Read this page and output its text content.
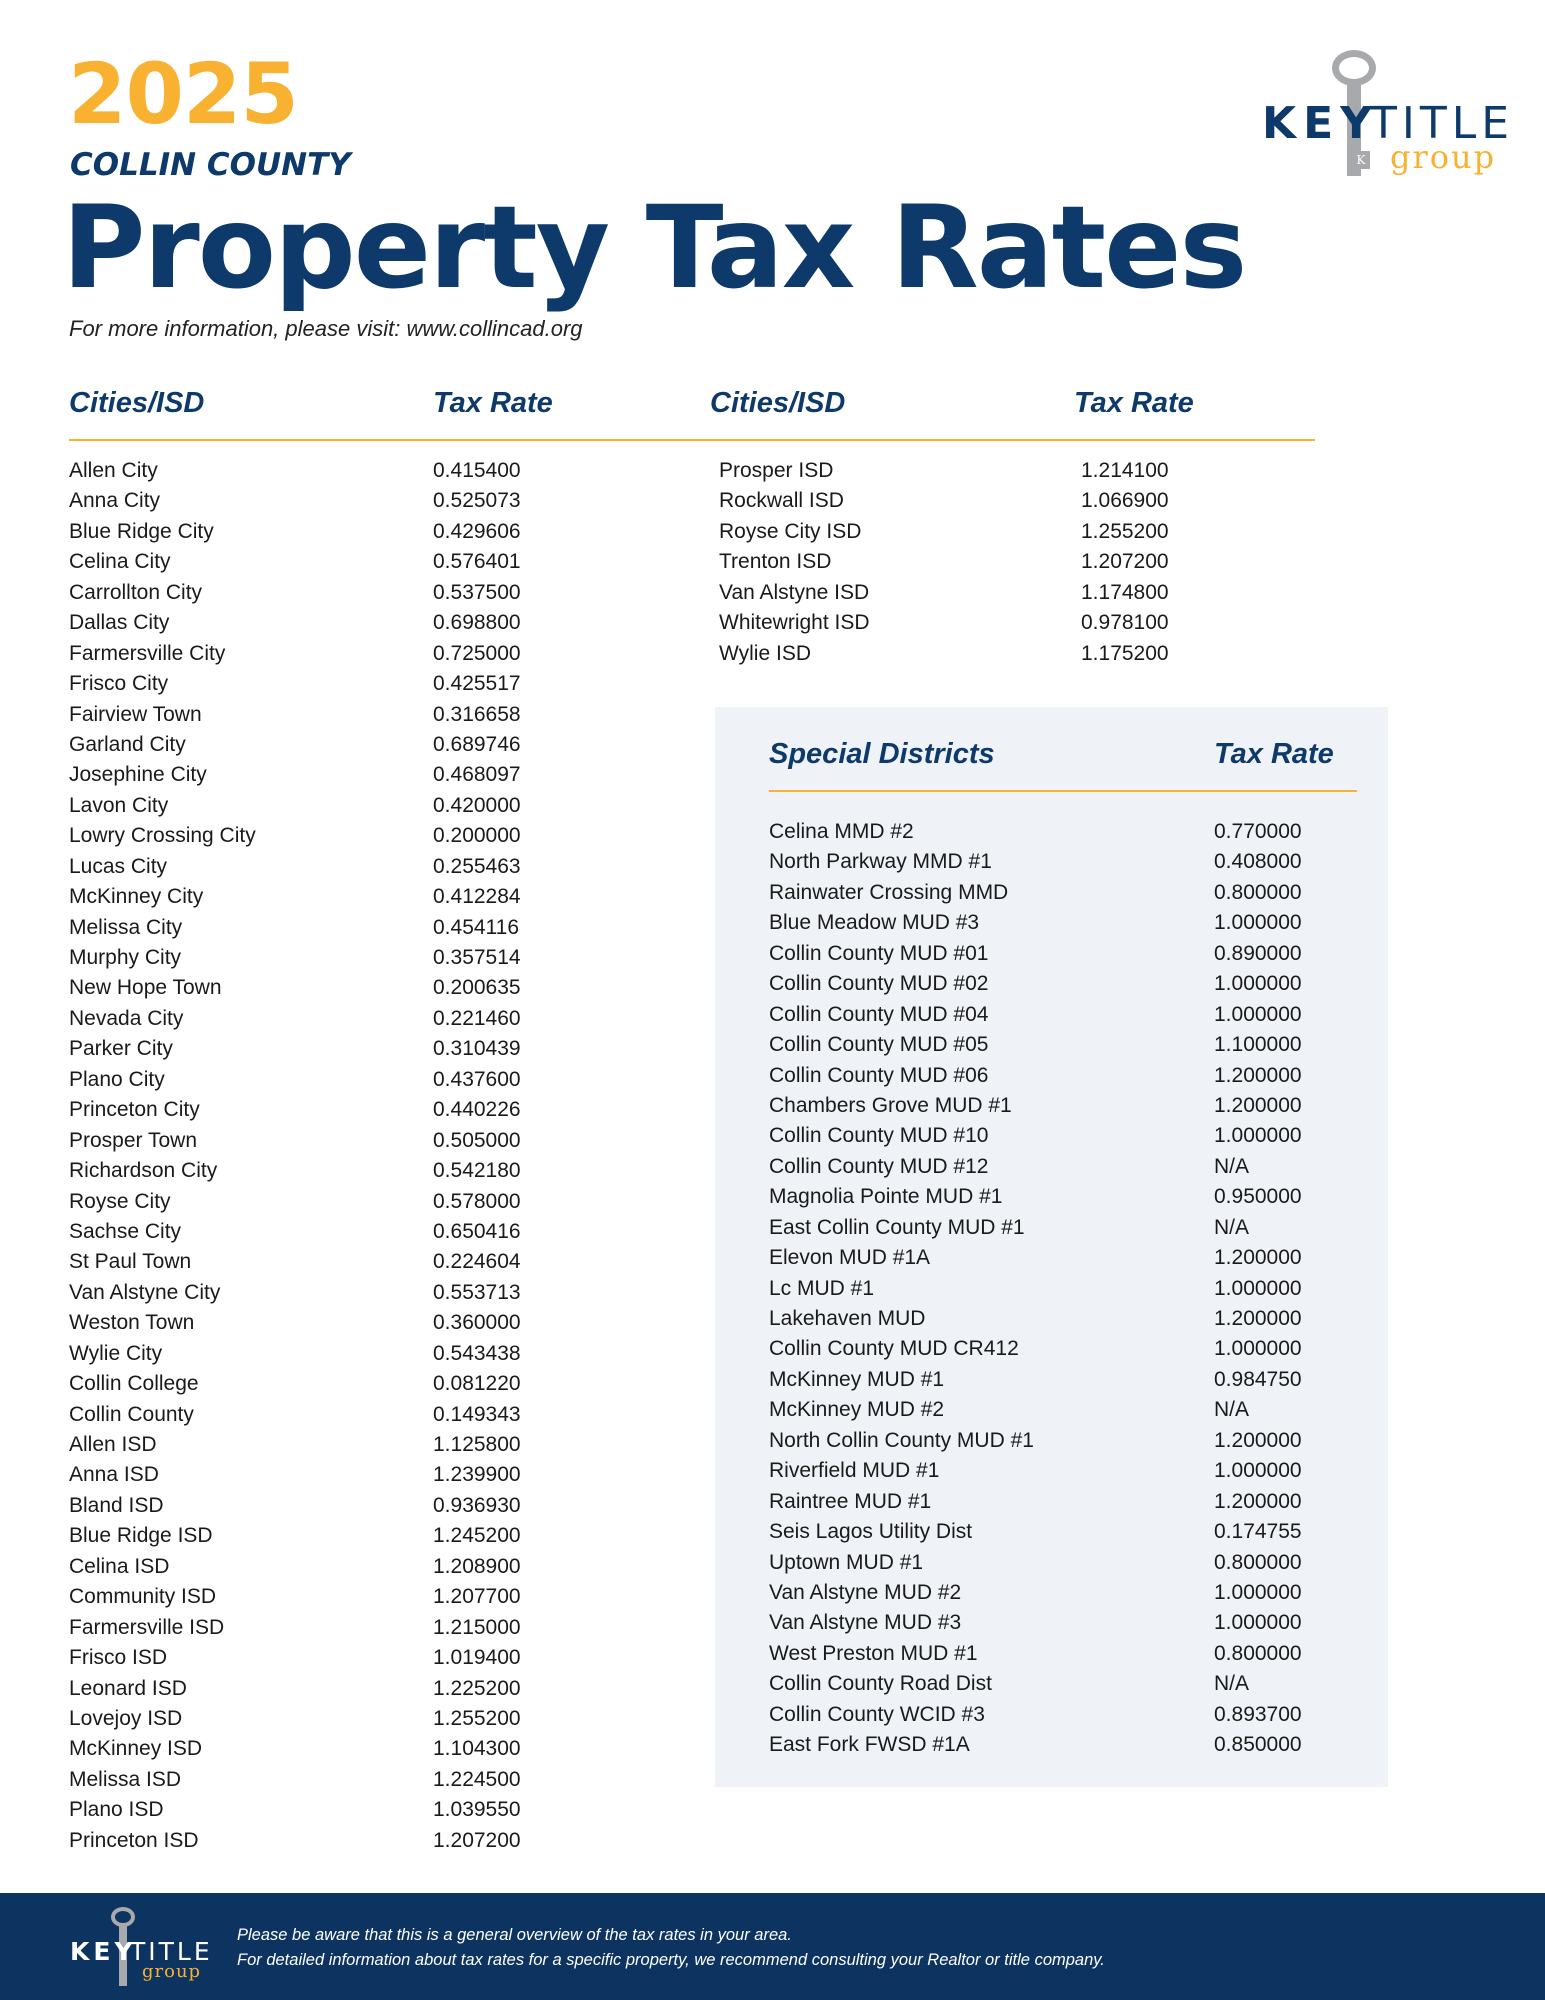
2025
COLLIN COUNTY
Property Tax Rates
For more information, please visit: www.collincad.org
K
KEY
TITLE
group
Cities/ISD	Tax Rate	Cities/ISD	Tax Rate
Allen City	0.415400
Anna City	0.525073
Blue Ridge City	0.429606
Celina City	0.576401
Carrollton City	0.537500
Dallas City	0.698800
Farmersville City	0.725000
Frisco City	0.425517
Fairview Town	0.316658
Garland City	0.689746
Josephine City	0.468097
Lavon City	0.420000
Lowry Crossing City	0.200000
Lucas City	0.255463
McKinney City	0.412284
Melissa City	0.454116
Murphy City	0.357514
New Hope Town	0.200635
Nevada City	0.221460
Parker City	0.310439
Plano City	0.437600
Princeton City	0.440226
Prosper Town	0.505000
Richardson City	0.542180
Royse City	0.578000
Sachse City	0.650416
St Paul Town	0.224604
Van Alstyne City	0.553713
Weston Town	0.360000
Wylie City	0.543438
Collin College	0.081220
Collin County	0.149343
Allen ISD	1.125800
Anna ISD	1.239900
Bland ISD	0.936930
Blue Ridge ISD	1.245200
Celina ISD	1.208900
Community ISD	1.207700
Farmersville ISD	1.215000
Frisco ISD	1.019400
Leonard ISD	1.225200
Lovejoy ISD	1.255200
McKinney ISD	1.104300
Melissa ISD	1.224500
Plano ISD	1.039550
Princeton ISD	1.207200
Prosper ISD	1.214100
Rockwall ISD	1.066900
Royse City ISD	1.255200
Trenton ISD	1.207200
Van Alstyne ISD	1.174800
Whitewright ISD	0.978100
Wylie ISD	1.175200
Special Districts	Tax Rate
Celina MMD #2	0.770000
North Parkway MMD #1	0.408000
Rainwater Crossing MMD	0.800000
Blue Meadow MUD #3	1.000000
Collin County MUD #01	0.890000
Collin County MUD #02	1.000000
Collin County MUD #04	1.000000
Collin County MUD #05	1.100000
Collin County MUD #06	1.200000
Chambers Grove MUD #1	1.200000
Collin County MUD #10	1.000000
Collin County MUD #12	N/A
Magnolia Pointe MUD #1	0.950000
East Collin County MUD #1	N/A
Elevon MUD #1A	1.200000
Lc MUD #1	1.000000
Lakehaven MUD	1.200000
Collin County MUD CR412	1.000000
McKinney MUD #1	0.984750
McKinney MUD #2	N/A
North Collin County MUD #1	1.200000
Riverfield MUD #1	1.000000
Raintree MUD #1	1.200000
Seis Lagos Utility Dist	0.174755
Uptown MUD #1	0.800000
Van Alstyne MUD #2	1.000000
Van Alstyne MUD #3	1.000000
West Preston MUD #1	0.800000
Collin County Road Dist	N/A
Collin County WCID #3	0.893700
East Fork FWSD #1A	0.850000
KEY
TITLE
group
Please be aware that this is a general overview of the tax rates in your area.
For detailed information about tax rates for a specific property, we recommend consulting your Realtor or title company.
